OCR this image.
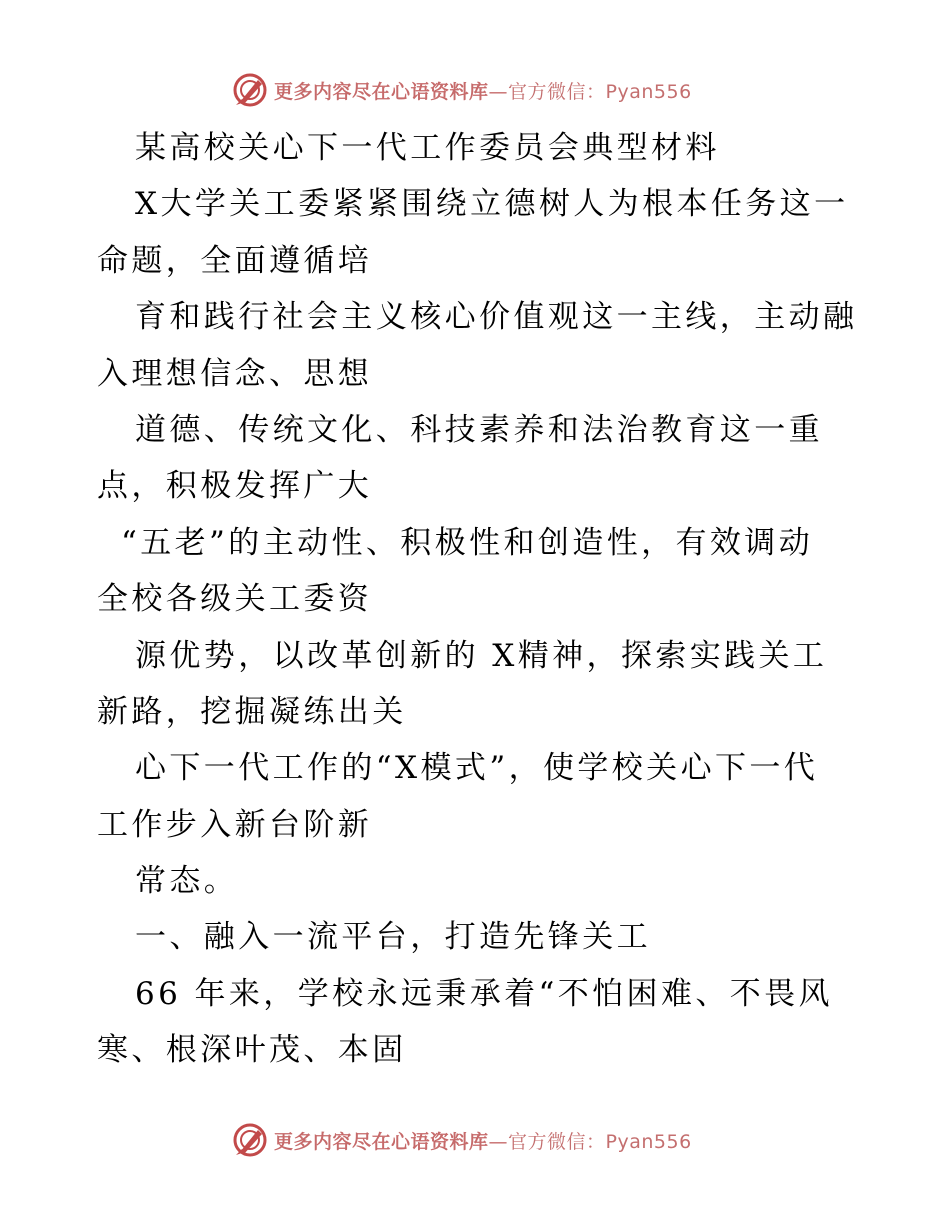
更多内容尽在心语资料库—官方微信：Pyan556
某高校关心下一代工作委员会典型材料
X大学关工委紧紧围绕立德树人为根本任务这一
命题，全面遵循培
育和践行社会主义核心价值观这一主线，主动融
入理想信念、思想
道德、传统文化、科技素养和法治教育这一重
点，积极发挥广大
“五老”的主动性、积极性和创造性，有效调动
全校各级关工委资
源优势，以改革创新的 X精神，探索实践关工
新路，挖掘凝练出关
心下一代工作的“X模式”，使学校关心下一代
工作步入新台阶新
常态。
一、融入一流平台，打造先锋关工
66 年来，学校永远秉承着“不怕困难、不畏风
寒、根深叶茂、本固
更多内容尽在心语资料库—官方微信：Pyan556
